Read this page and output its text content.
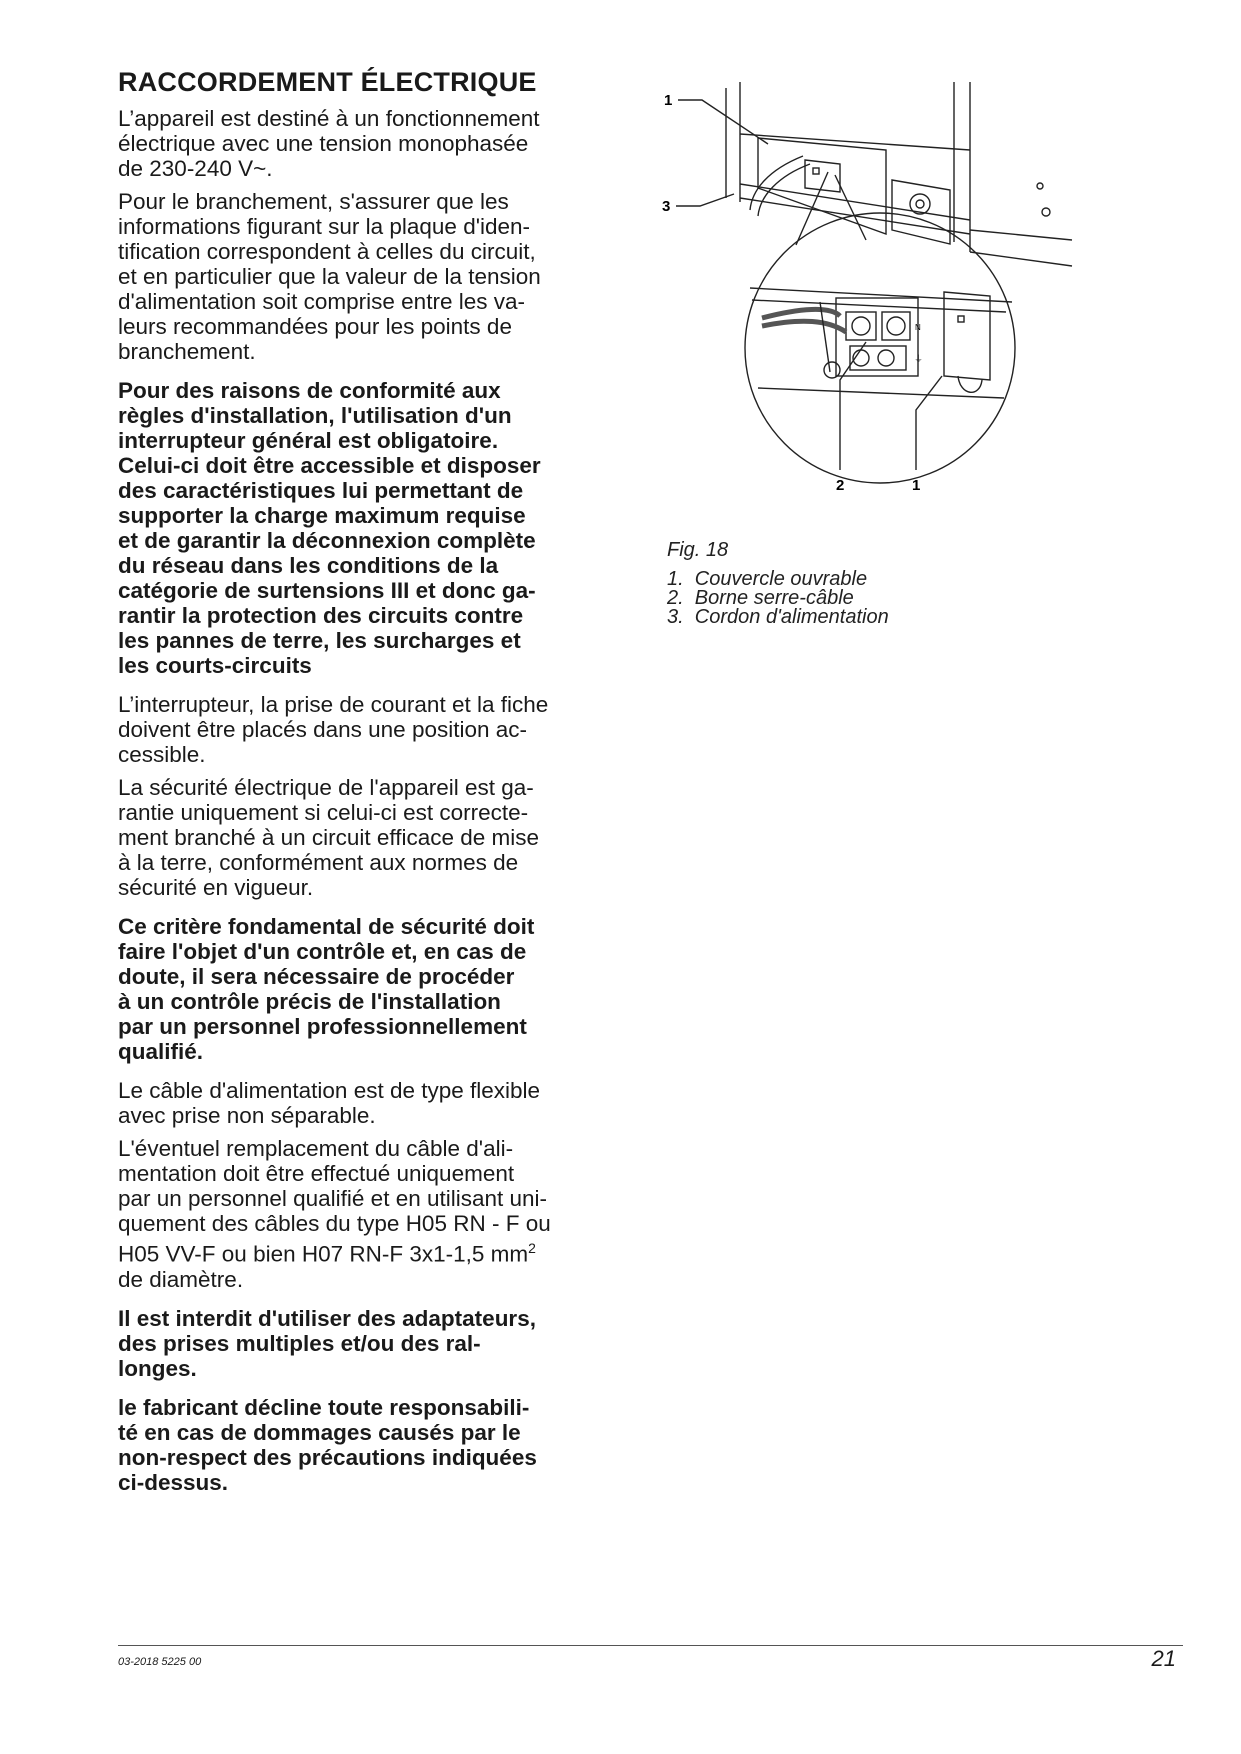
RACCORDEMENT ÉLECTRIQUE

L’appareil est destiné à un fonctionnement
électrique avec une tension monophasée
de 230-240 V~.

Pour le branchement, s'assurer que les
informations figurant sur la plaque d'iden-
tification correspondent à celles du circuit,
et en particulier que la valeur de la tension
d'alimentation soit comprise entre les va-
leurs recommandées pour les points de
branchement.

Pour des raisons de conformité aux
règles d'installation, l'utilisation d'un
interrupteur général est obligatoire.
Celui-ci doit être accessible et disposer
des caractéristiques lui permettant de
supporter la charge maximum requise
et de garantir la déconnexion complète
du réseau dans les conditions de la
catégorie de surtensions III et donc ga-
rantir la protection des circuits contre
les pannes de terre, les surcharges et
les courts-circuits

L’interrupteur, la prise de courant et la fiche
doivent être placés dans une position ac-
cessible.

La sécurité électrique de l'appareil est ga-
rantie uniquement si celui-ci est correcte-
ment branché à un circuit efficace de mise
à la terre, conformément aux normes de
sécurité en vigueur.

Ce critère fondamental de sécurité doit
faire l'objet d'un contrôle et, en cas de
doute, il sera nécessaire de procéder
à un contrôle précis de l'installation
par un personnel professionnellement
qualifié.

Le câble d'alimentation est de type flexible
avec prise non séparable.

L'éventuel remplacement du câble d'ali-
mentation doit être effectué uniquement
par un personnel qualifié et en utilisant uni-
quement des câbles du type H05 RN - F ou
H05 VV-F ou bien H07 RN-F 3x1-1,5 $mm^2$
de diamètre.

Il est interdit d'utiliser des adaptateurs,
des prises multiples et/ou des ral-
longes.

le fabricant décline toute responsabili-
té en cas de dommages causés par le
non-respect des précautions indiquées
ci-dessus.

1
3
2	1
N
⏚
Fig. 18
1.  Couvercle ouvrable
2.  Borne serre-câble
3.  Cordon d'alimentation
03-2018 5225 00	21
